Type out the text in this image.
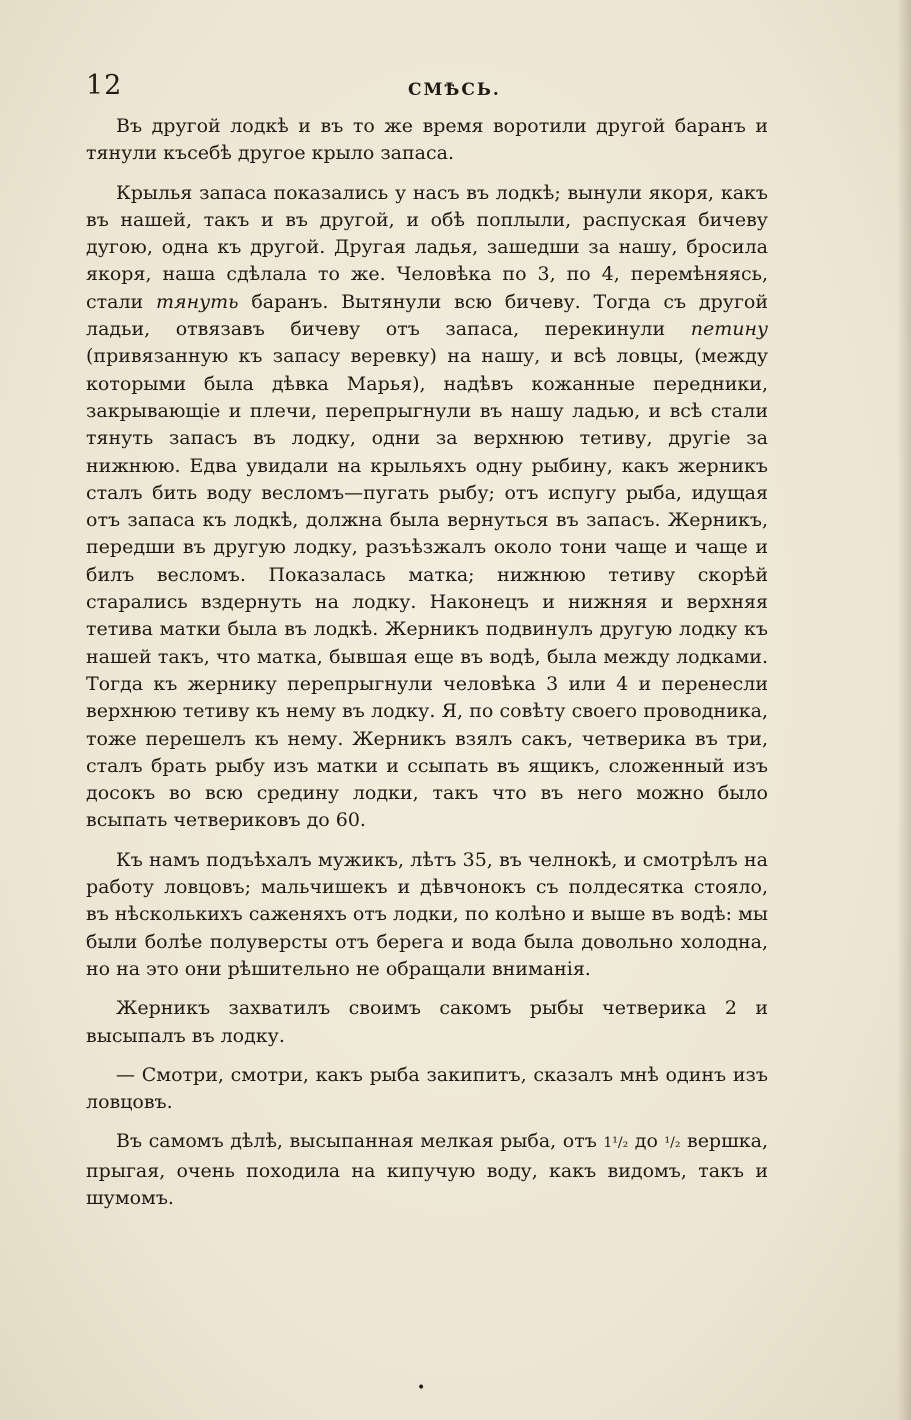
12	СМѢСЬ.

Въ другой лодкѣ и въ то же время воротили другой баранъ и тянули късебѣ другое крыло запаса.

Крылья запаса показались у насъ въ лодкѣ; вынули якоря, какъ въ нашей, такъ и въ другой, и обѣ поплыли, распуская бичеву дугою, одна къ другой. Другая ладья, зашедши за нашу, бросила якоря, наша сдѣлала то же. Человѣка по 3, по 4, перемѣняясь, стали тянуть баранъ. Вытянули всю бичеву. Тогда съ другой ладьи, отвязавъ бичеву отъ запаса, перекинули петину (привязанную къ запасу веревку) на нашу, и всѣ ловцы, (между которыми была дѣвка Марья), надѣвъ кожанные передники, закрывающіе и плечи, перепрыгнули въ нашу ладью, и всѣ стали тянуть запасъ въ лодку, одни за верхнюю тетиву, другіе за нижнюю. Едва увидали на крыльяхъ одну рыбину, какъ жерникъ сталъ бить воду весломъ—пугать рыбу; отъ испугу рыба, идущая отъ запаса къ лодкѣ, должна была вернуться въ запасъ. Жерникъ, передши въ другую лодку, разъѣзжалъ около тони чаще и чаще и билъ весломъ. Показалась матка; нижнюю тетиву скорѣй старались вздернуть на лодку. Наконецъ и нижняя и верхняя тетива матки была въ лодкѣ. Жерникъ подвинулъ другую лодку къ нашей такъ, что матка, бывшая еще въ водѣ, была между лодками. Тогда къ жернику перепрыгнули человѣка 3 или 4 и перенесли верхнюю тетиву къ нему въ лодку. Я, по совѣту своего проводника, тоже перешелъ къ нему. Жерникъ взялъ сакъ, четверика въ три, сталъ брать рыбу изъ матки и ссыпать въ ящикъ, сложенный изъ досокъ во всю средину лодки, такъ что въ него можно было всыпать четвериковъ до 60.

Къ намъ подъѣхалъ мужикъ, лѣтъ 35, въ челнокѣ, и смотрѣлъ на работу ловцовъ; мальчишекъ и дѣвчонокъ съ полдесятка стояло, въ нѣсколькихъ саженяхъ отъ лодки, по колѣно и выше въ водѣ: мы были болѣе полуверсты отъ берега и вода была довольно холодна, но на это они рѣшительно не обращали вниманія.

Жерникъ захватилъ своимъ сакомъ рыбы четверика 2 и высыпалъ въ лодку.

— Смотри, смотри, какъ рыба закипитъ, сказалъ мнѣ одинъ изъ ловцовъ.

Въ самомъ дѣлѣ, высыпанная мелкая рыба, отъ 1¹/₂ до ¹/₂ вершка, прыгая, очень походила на кипучую воду, какъ видомъ, такъ и шумомъ.

•
